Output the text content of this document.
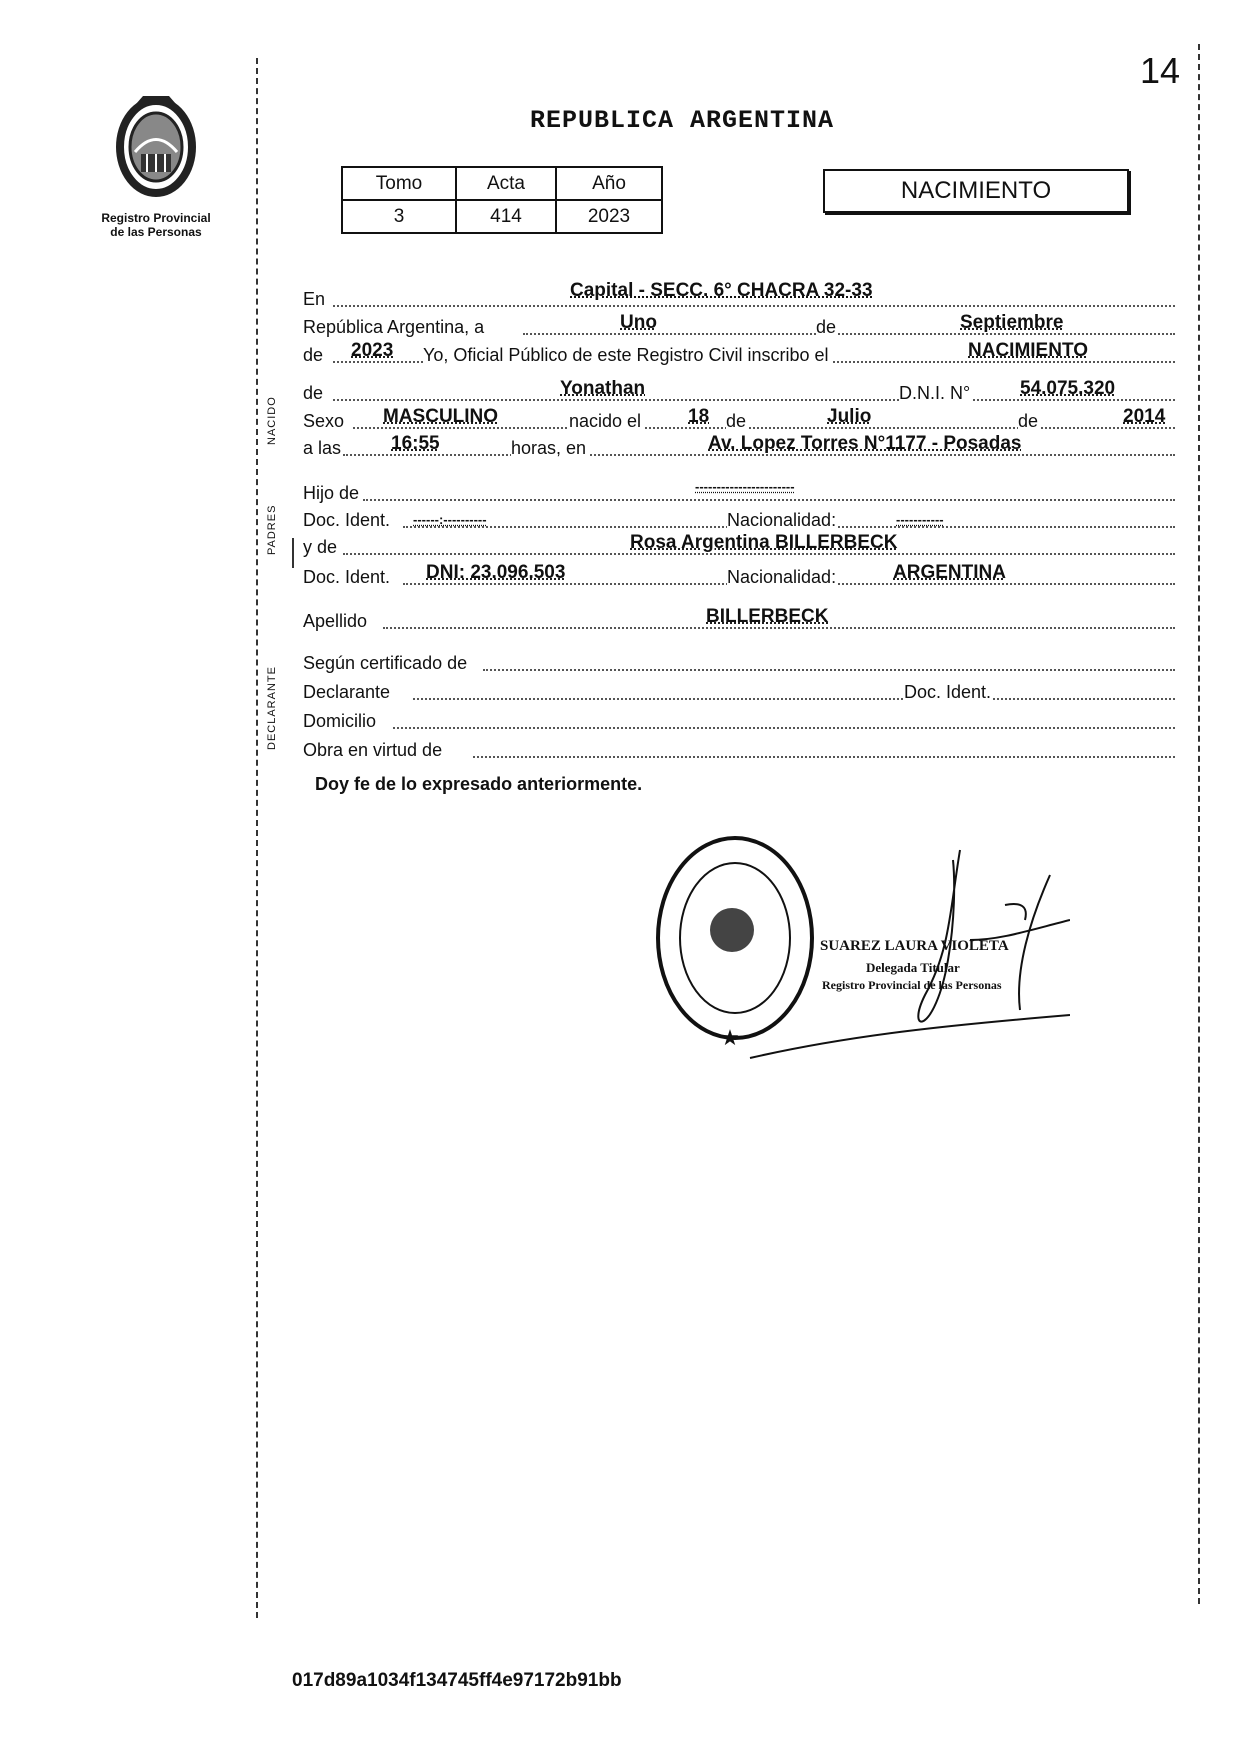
14
REPUBLICA ARGENTINA
Registro Provincial de las Personas
Tomo	Acta	Año
3	414	2023
NACIMIENTO
NACIDO
PADRES
DECLARANTE
En	Capital - SECC. 6° CHACRA 32-33
República Argentina, a	Uno	de	Septiembre
de 2023 Yo, Oficial Público de este Registro Civil inscribo el	NACIMIENTO
de	Yonathan	D.N.I. N°	54.075.320
Sexo MASCULINO	nacido el 18 de	Julio	de	2014
a las	16:55	horas, en	Av. Lopez Torres N°1177 - Posadas
Hijo de	-----------------------
Doc. Ident. ------:----------	Nacionalidad:	-----------
y de	Rosa Argentina BILLERBECK
Doc. Ident. DNI: 23.096.503	Nacionalidad:	ARGENTINA
Apellido	BILLERBECK
Según certificado de
Declarante	Doc. Ident.
Domicilio
Obra en virtud de
Doy fe de lo expresado anteriormente.
★
SUAREZ LAURA VIOLETA
Delegada Titular
Registro Provincial de las Personas
017d89a1034f134745ff4e97172b91bb
